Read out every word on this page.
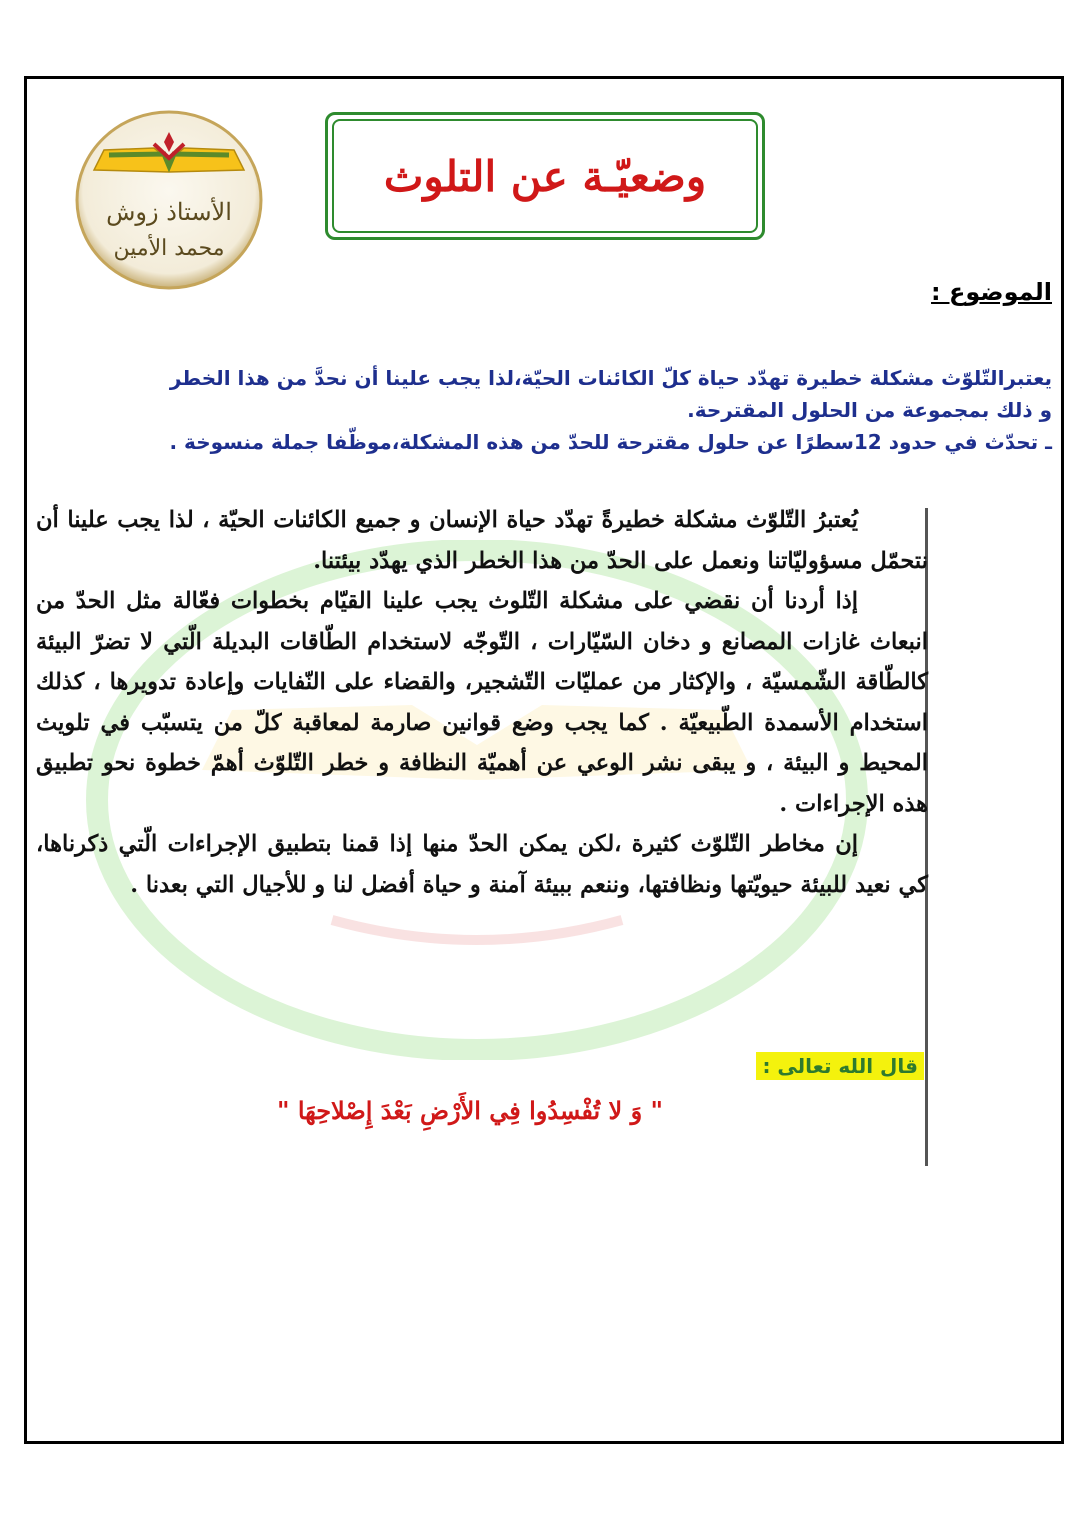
الأستاذ زوش
محمد الأمين
وضعيّـة عن التلوث
الموضوع :

يعتبرالتّلوّث مشكلة خطيرة تهدّد حياة كلّ الكائنات الحيّة،لذا يجب علينا أن نحدَّ من هذا الخطر

و ذلك بمجموعة من الحلول المقترحة.

ـ تحدّث في حدود 12سطرًا عن حلول مقترحة للحدّ من هذه المشكلة،موظّفا جملة منسوخة .

يُعتبرُ التّلوّث مشكلة خطيرةً تهدّد حياة الإنسان و جميع الكائنات الحيّة ، لذا يجب علينا أن نتحمّل مسؤوليّاتنا ونعمل على الحدّ من هذا الخطر الذي يهدّد بيئتنا.

إذا أردنا أن نقضي على مشكلة التّلوث يجب علينا القيّام بخطوات فعّالة مثل الحدّ من انبعاث غازات المصانع و دخان السّيّارات ، التّوجّه لاستخدام الطّاقات البديلة الّتي لا تضرّ البيئة كالطّاقة الشّمسيّة ، والإكثار من عمليّات التّشجير، والقضاء على النّفايات وإعادة تدويرها ، كذلك استخدام الأسمدة الطّبيعيّة . كما يجب وضع قوانين صارمة لمعاقبة كلّ من يتسبّب في تلويث المحيط و البيئة ، و يبقى نشر الوعي عن أهميّة النظافة و خطر التّلوّث أهمّ خطوة نحو تطبيق هذه الإجراءات .

إن مخاطر التّلوّث كثيرة ،لكن يمكن الحدّ منها إذا قمنا بتطبيق الإجراءات الّتي ذكرناها، كي نعيد للبيئة حيويّتها ونظافتها، وننعم ببيئة آمنة و حياة أفضل لنا و للأجيال التي بعدنا .

قال الله تعالى :
" وَ لا تُفْسِدُوا فِي الأَرْضِ بَعْدَ إِصْلاحِهَا "
